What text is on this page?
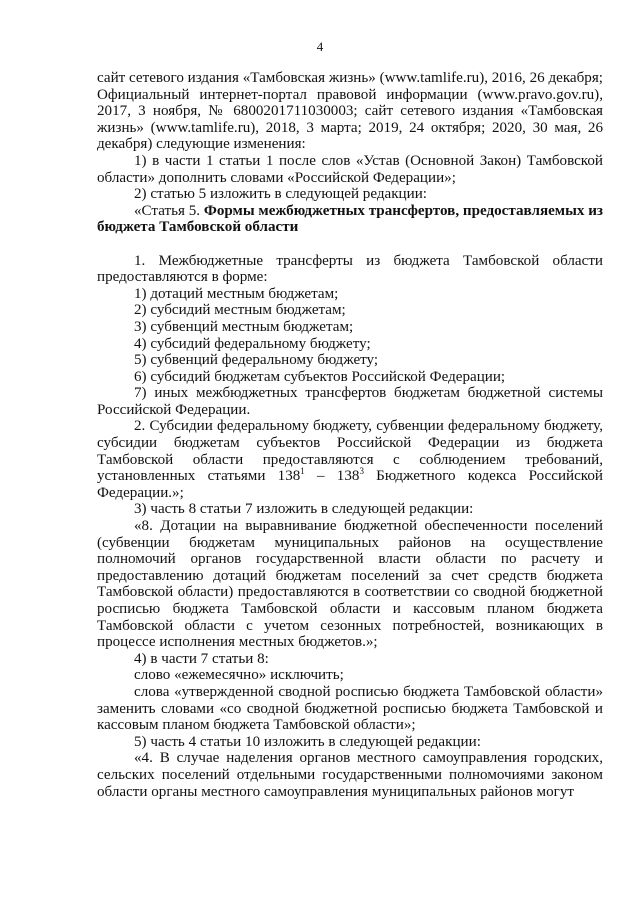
4

сайт сетевого издания «Тамбовская жизнь» (www.tamlife.ru), 2016, 26 декабря; Официальный интернет-портал правовой информации (www.pravo.gov.ru), 2017, 3 ноября, № 6800201711030003; сайт сетевого издания «Тамбовская жизнь» (www.tamlife.ru), 2018, 3 марта; 2019, 24 октября; 2020, 30 мая, 26 декабря) следующие изменения:

1) в части 1 статьи 1 после слов «Устав (Основной Закон) Тамбовской области» дополнить словами «Российской Федерации»;

2) статью 5 изложить в следующей редакции:

«Статья 5. Формы межбюджетных трансфертов, предоставляемых из бюджета Тамбовской области

1. Межбюджетные трансферты из бюджета Тамбовской области предоставляются в форме:

1) дотаций местным бюджетам;

2) субсидий местным бюджетам;

3) субвенций местным бюджетам;

4) субсидий федеральному бюджету;

5) субвенций федеральному бюджету;

6) субсидий бюджетам субъектов Российской Федерации;

7) иных межбюджетных трансфертов бюджетам бюджетной системы Российской Федерации.

2. Субсидии федеральному бюджету, субвенции федеральному бюджету, субсидии бюджетам субъектов Российской Федерации из бюджета Тамбовской области предоставляются с соблюдением требований, установленных статьями $138^1 - 138^3$ Бюджетного кодекса Российской Федерации.»;

3) часть 8 статьи 7 изложить в следующей редакции:

«8. Дотации на выравнивание бюджетной обеспеченности поселений (субвенции бюджетам муниципальных районов на осуществление полномочий органов государственной власти области по расчету и предоставлению дотаций бюджетам поселений за счет средств бюджета Тамбовской области) предоставляются в соответствии со сводной бюджетной росписью бюджета Тамбовской области и кассовым планом бюджета Тамбовской области с учетом сезонных потребностей, возникающих в процессе исполнения местных бюджетов.»;

4) в части 7 статьи 8:

слово «ежемесячно» исключить;

слова «утвержденной сводной росписью бюджета Тамбовской области» заменить словами «со сводной бюджетной росписью бюджета Тамбовской и кассовым планом бюджета Тамбовской области»;

5) часть 4 статьи 10 изложить в следующей редакции:

«4. В случае наделения органов местного самоуправления городских, сельских поселений отдельными государственными полномочиями законом области органы местного самоуправления муниципальных районов могут
